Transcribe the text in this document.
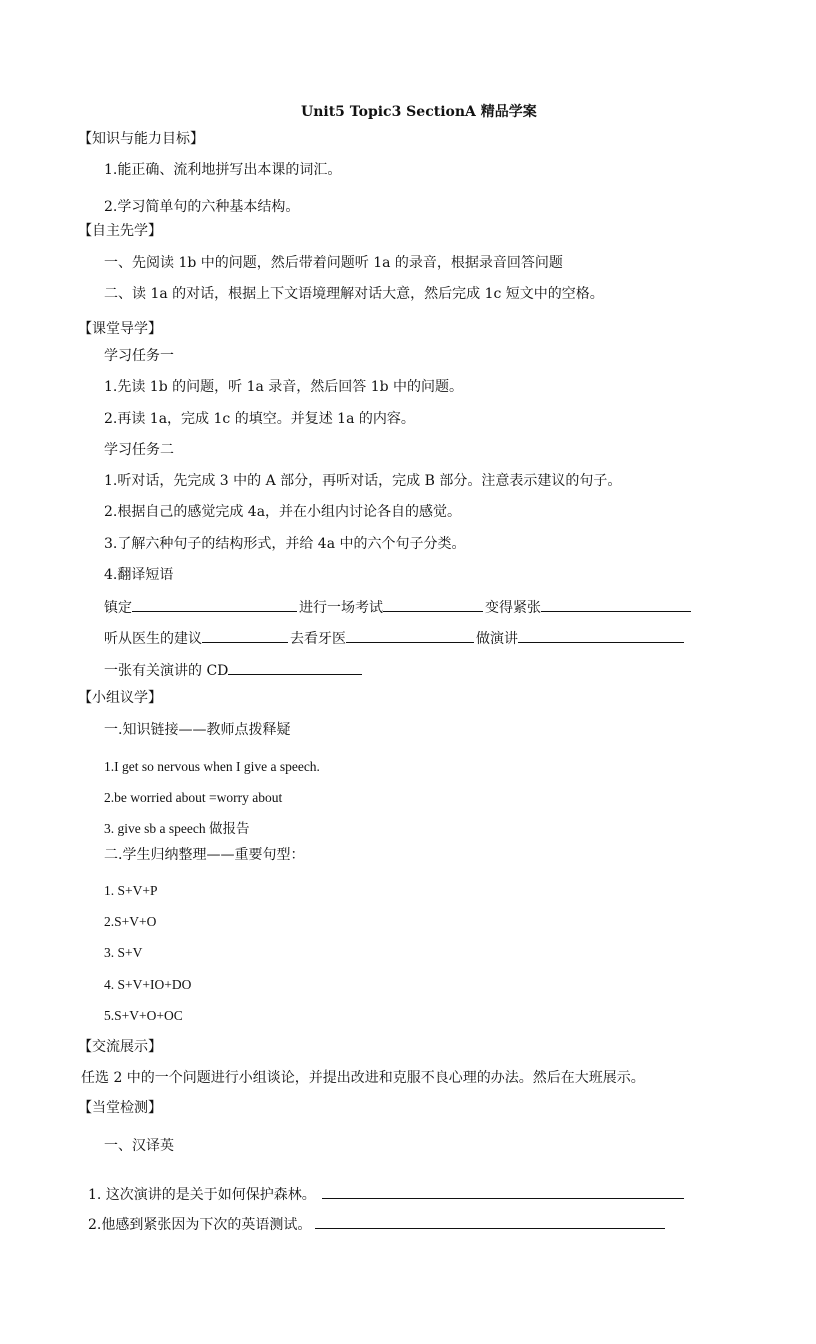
Unit5 Topic3 SectionA 精品学案
【知识与能力目标】
1.能正确、流利地拼写出本课的词汇。
2.学习简单句的六种基本结构。
【自主先学】
一、先阅读 1b 中的问题，然后带着问题听 1a 的录音，根据录音回答问题
二、读 1a 的对话，根据上下文语境理解对话大意，然后完成 1c 短文中的空格。
【课堂导学】
学习任务一
1.先读 1b 的问题，听 1a 录音，然后回答 1b 中的问题。
2.再读 1a，完成 1c 的填空。并复述 1a 的内容。
学习任务二
1.听对话，先完成 3 中的 A 部分，再听对话，完成 B 部分。注意表示建议的句子。
2.根据自己的感觉完成 4a，并在小组内讨论各自的感觉。
3.了解六种句子的结构形式，并给 4a 中的六个句子分类。
4.翻译短语
镇定	进行一场考试	变得紧张
听从医生的建议	去看牙医	做演讲
一张有关演讲的 CD
【小组议学】
一.知识链接——教师点拨释疑
1.I get so nervous when I give a speech.
2.be worried about =worry about
3. give sb a speech 做报告
二.学生归纳整理——重要句型：
1. S+V+P
2.S+V+O
3. S+V
4. S+V+IO+DO
5.S+V+O+OC
【交流展示】
任选 2 中的一个问题进行小组谈论，并提出改进和克服不良心理的办法。然后在大班展示。
【当堂检测】
一、汉译英
1. 这次演讲的是关于如何保护森林。
2.他感到紧张因为下次的英语测试。
